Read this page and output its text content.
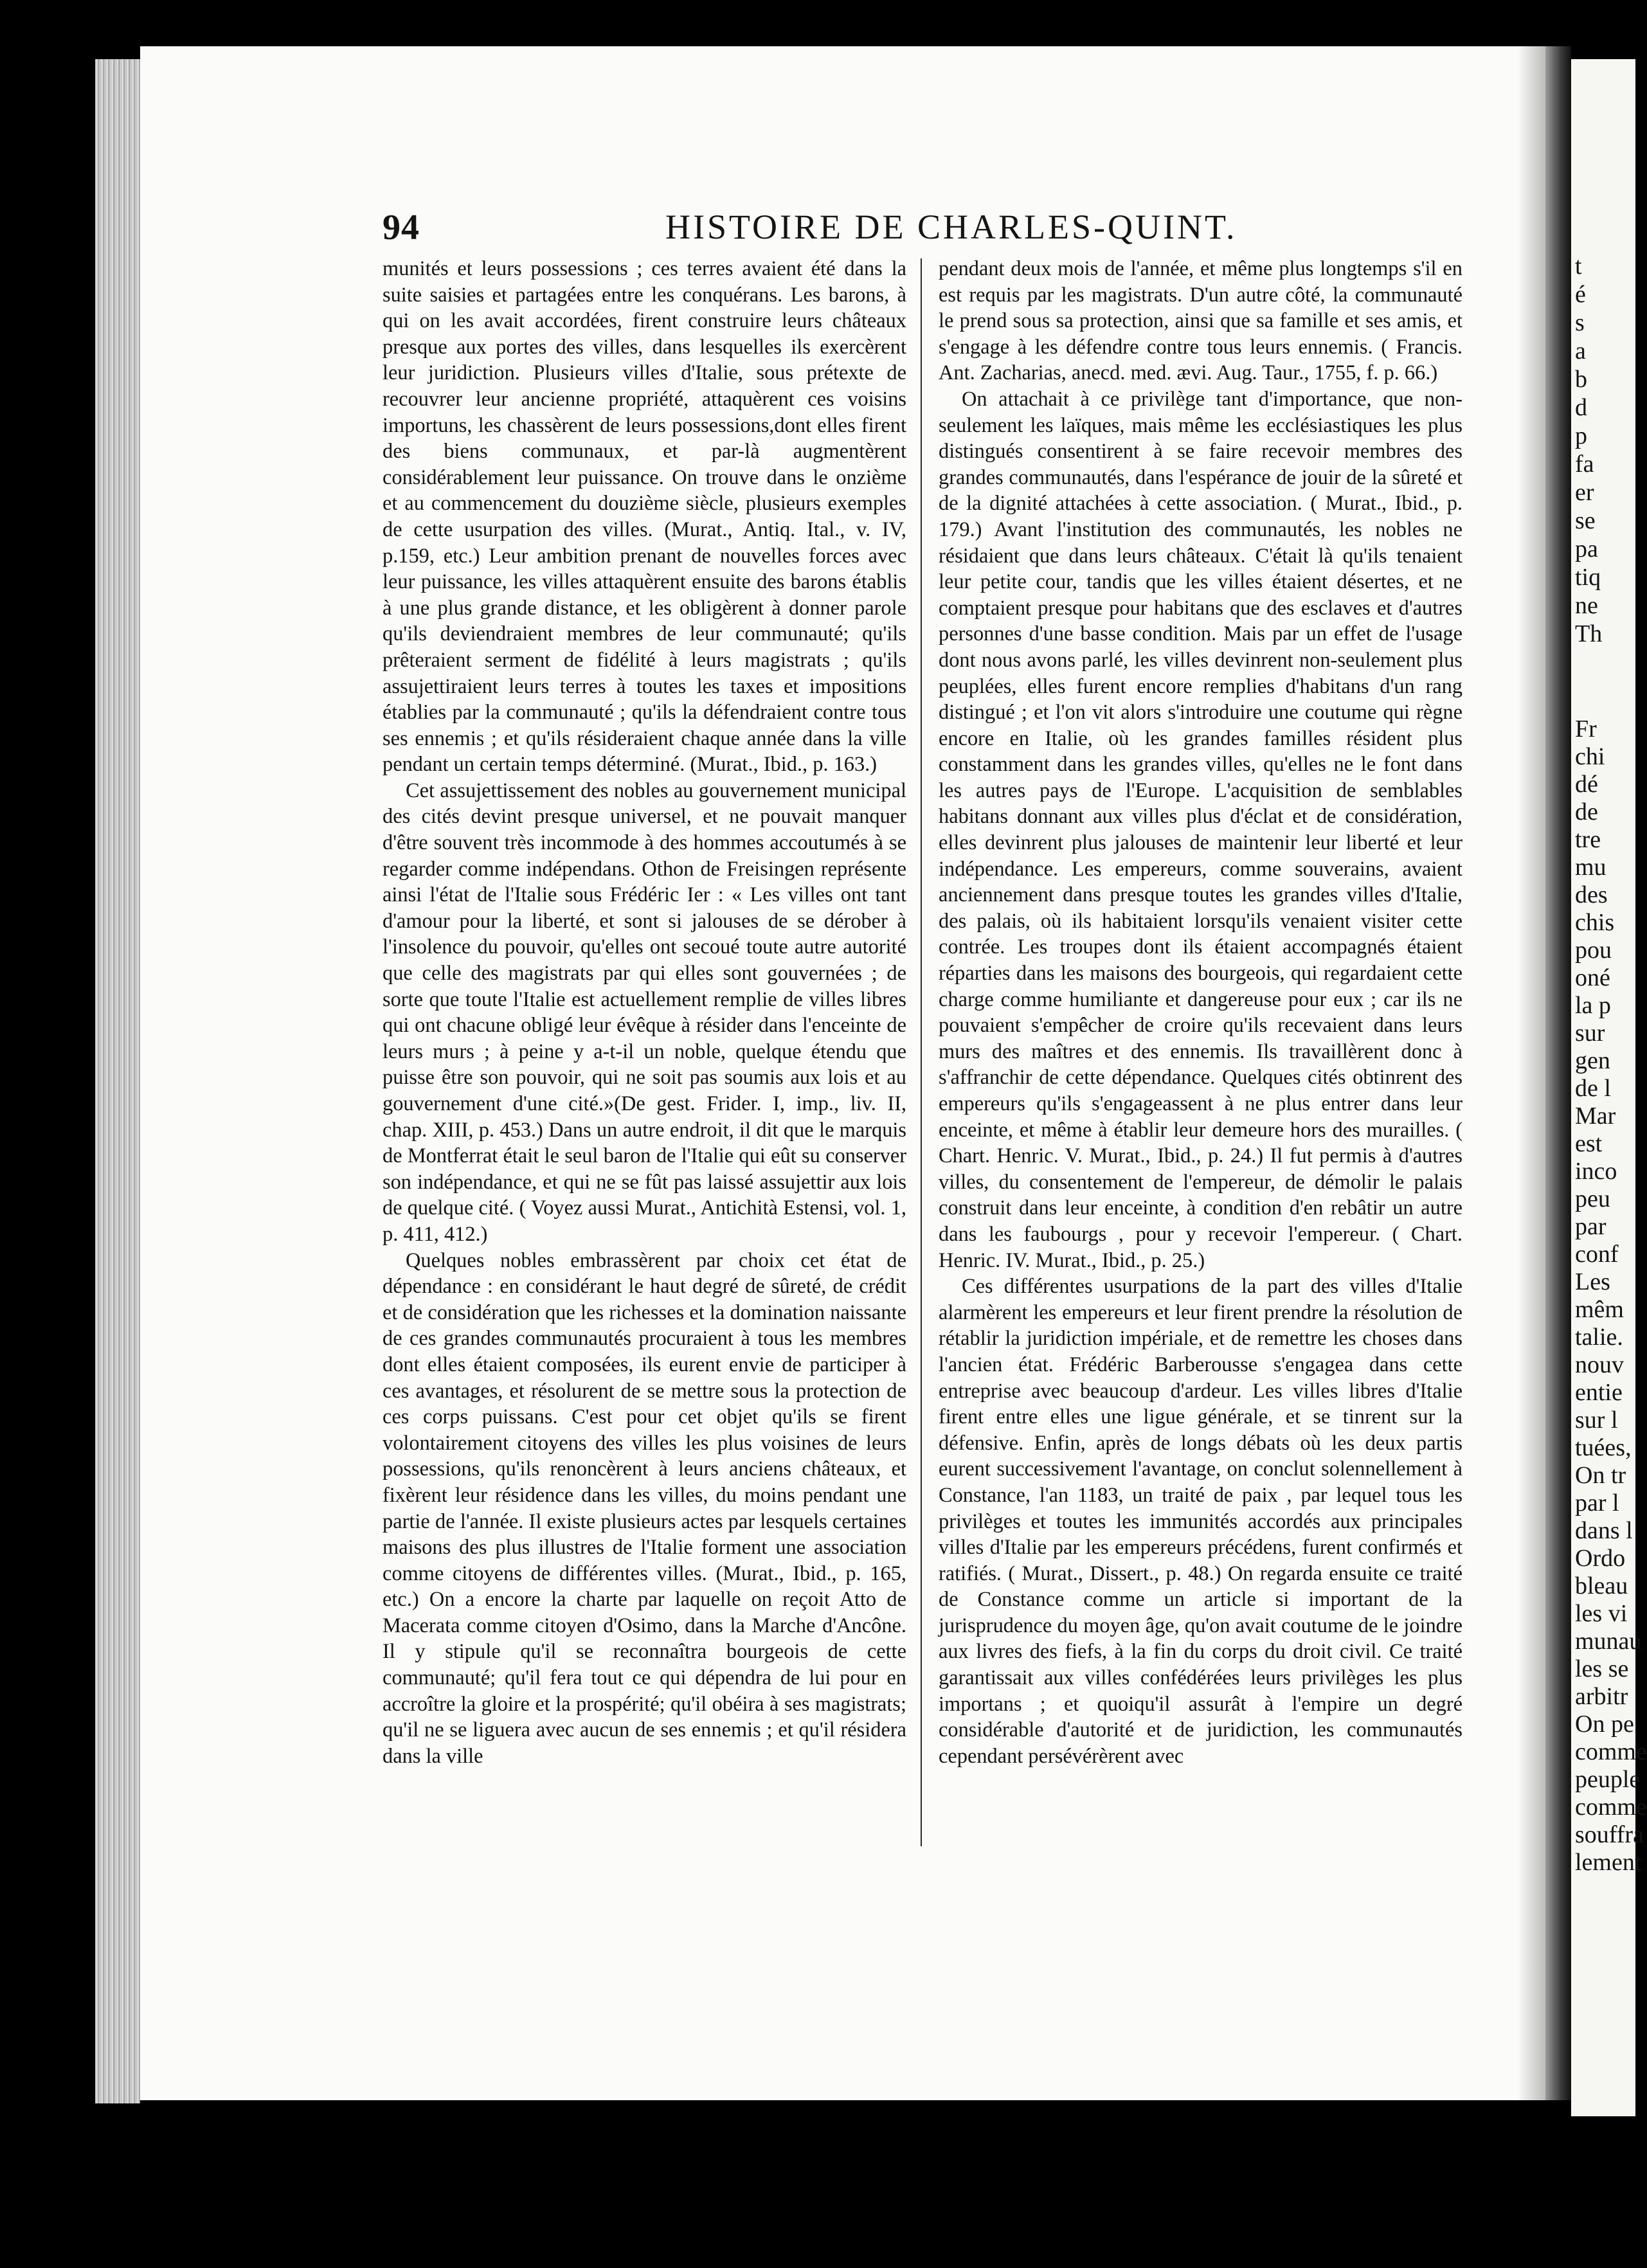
t
é
s
a
b
d
p
fa
er
se
pa
tiq
ne
Th
Fr
chi
dé
de
tre
mu
des
chis
pou
oné
la p
sur
gen
de l
Mar
est
inco
peu
par
conf
Les
mêm
talie.
nouv
entie
sur l
tuées,
On tr
par l
dans l
Ordo
bleau
les vi
munau
les se
arbitr
On pe
comme
peuple
comme
souffra
lement
94	HISTOIRE DE CHARLES-QUINT.

munités et leurs possessions ; ces terres avaient été dans la suite saisies et partagées entre les conquérans. Les barons, à qui on les avait accordées, firent construire leurs châteaux presque aux portes des villes, dans lesquelles ils exercèrent leur juridiction. Plusieurs villes d'Italie, sous prétexte de recouvrer leur ancienne propriété, attaquèrent ces voisins importuns, les chassèrent de leurs possessions,dont elles firent des biens communaux, et par-là augmentèrent considérablement leur puissance. On trouve dans le onzième et au commencement du douzième siècle, plusieurs exemples de cette usurpation des villes. (Murat., Antiq. Ital., v. IV, p.159, etc.) Leur ambition prenant de nouvelles forces avec leur puissance, les villes attaquèrent ensuite des barons établis à une plus grande distance, et les obligèrent à donner parole qu'ils deviendraient membres de leur communauté; qu'ils prêteraient serment de fidélité à leurs magistrats ; qu'ils assujettiraient leurs terres à toutes les taxes et impositions établies par la communauté ; qu'ils la défendraient contre tous ses ennemis ; et qu'ils résideraient chaque année dans la ville pendant un certain temps déterminé. (Murat., Ibid., p. 163.)

Cet assujettissement des nobles au gouvernement municipal des cités devint presque universel, et ne pouvait manquer d'être souvent très incommode à des hommes accoutumés à se regarder comme indépendans. Othon de Freisingen représente ainsi l'état de l'Italie sous Frédéric Ier : « Les villes ont tant d'amour pour la liberté, et sont si jalouses de se dérober à l'insolence du pouvoir, qu'elles ont secoué toute autre autorité que celle des magistrats par qui elles sont gouvernées ; de sorte que toute l'Italie est actuellement remplie de villes libres qui ont chacune obligé leur évêque à résider dans l'enceinte de leurs murs ; à peine y a-t-il un noble, quelque étendu que puisse être son pouvoir, qui ne soit pas soumis aux lois et au gouvernement d'une cité.»(De gest. Frider. I, imp., liv. II, chap. XIII, p. 453.) Dans un autre endroit, il dit que le marquis de Montferrat était le seul baron de l'Italie qui eût su conserver son indépendance, et qui ne se fût pas laissé assujettir aux lois de quelque cité. ( Voyez aussi Murat., Antichità Estensi, vol. 1, p. 411, 412.)

Quelques nobles embrassèrent par choix cet état de dépendance : en considérant le haut degré de sûreté, de crédit et de considération que les richesses et la domination naissante de ces grandes communautés procuraient à tous les membres dont elles étaient composées, ils eurent envie de participer à ces avantages, et résolurent de se mettre sous la protection de ces corps puissans. C'est pour cet objet qu'ils se firent volontairement citoyens des villes les plus voisines de leurs possessions, qu'ils renoncèrent à leurs anciens châteaux, et fixèrent leur résidence dans les villes, du moins pendant une partie de l'année. Il existe plusieurs actes par lesquels certaines maisons des plus illustres de l'Italie forment une association comme citoyens de différentes villes. (Murat., Ibid., p. 165, etc.) On a encore la charte par laquelle on reçoit Atto de Macerata comme citoyen d'Osimo, dans la Marche d'Ancône. Il y stipule qu'il se reconnaîtra bourgeois de cette communauté; qu'il fera tout ce qui dépendra de lui pour en accroître la gloire et la prospérité; qu'il obéira à ses magistrats; qu'il ne se liguera avec aucun de ses ennemis ; et qu'il résidera dans la ville

pendant deux mois de l'année, et même plus longtemps s'il en est requis par les magistrats. D'un autre côté, la communauté le prend sous sa protection, ainsi que sa famille et ses amis, et s'engage à les défendre contre tous leurs ennemis. ( Francis. Ant. Zacharias, anecd. med. ævi. Aug. Taur., 1755, f. p. 66.)

On attachait à ce privilège tant d'importance, que non-seulement les laïques, mais même les ecclésiastiques les plus distingués consentirent à se faire recevoir membres des grandes communautés, dans l'espérance de jouir de la sûreté et de la dignité attachées à cette association. ( Murat., Ibid., p. 179.) Avant l'institution des communautés, les nobles ne résidaient que dans leurs châteaux. C'était là qu'ils tenaient leur petite cour, tandis que les villes étaient désertes, et ne comptaient presque pour habitans que des esclaves et d'autres personnes d'une basse condition. Mais par un effet de l'usage dont nous avons parlé, les villes devinrent non-seulement plus peuplées, elles furent encore remplies d'habitans d'un rang distingué ; et l'on vit alors s'introduire une coutume qui règne encore en Italie, où les grandes familles résident plus constamment dans les grandes villes, qu'elles ne le font dans les autres pays de l'Europe. L'acquisition de semblables habitans donnant aux villes plus d'éclat et de considération, elles devinrent plus jalouses de maintenir leur liberté et leur indépendance. Les empereurs, comme souverains, avaient anciennement dans presque toutes les grandes villes d'Italie, des palais, où ils habitaient lorsqu'ils venaient visiter cette contrée. Les troupes dont ils étaient accompagnés étaient réparties dans les maisons des bourgeois, qui regardaient cette charge comme humiliante et dangereuse pour eux ; car ils ne pouvaient s'empêcher de croire qu'ils recevaient dans leurs murs des maîtres et des ennemis. Ils travaillèrent donc à s'affranchir de cette dépendance. Quelques cités obtinrent des empereurs qu'ils s'engageassent à ne plus entrer dans leur enceinte, et même à établir leur demeure hors des murailles. ( Chart. Henric. V. Murat., Ibid., p. 24.) Il fut permis à d'autres villes, du consentement de l'empereur, de démolir le palais construit dans leur enceinte, à condition d'en rebâtir un autre dans les faubourgs , pour y recevoir l'empereur. ( Chart. Henric. IV. Murat., Ibid., p. 25.)

Ces différentes usurpations de la part des villes d'Italie alarmèrent les empereurs et leur firent prendre la résolution de rétablir la juridiction impériale, et de remettre les choses dans l'ancien état. Frédéric Barberousse s'engagea dans cette entreprise avec beaucoup d'ardeur. Les villes libres d'Italie firent entre elles une ligue générale, et se tinrent sur la défensive. Enfin, après de longs débats où les deux partis eurent successivement l'avantage, on conclut solennellement à Constance, l'an 1183, un traité de paix , par lequel tous les privilèges et toutes les immunités accordés aux principales villes d'Italie par les empereurs précédens, furent confirmés et ratifiés. ( Murat., Dissert., p. 48.) On regarda ensuite ce traité de Constance comme un article si important de la jurisprudence du moyen âge, qu'on avait coutume de le joindre aux livres des fiefs, à la fin du corps du droit civil. Ce traité garantissait aux villes confédérées leurs privilèges les plus importans ; et quoiqu'il assurât à l'empire un degré considérable d'autorité et de juridiction, les communautés cependant persévérèrent avec
